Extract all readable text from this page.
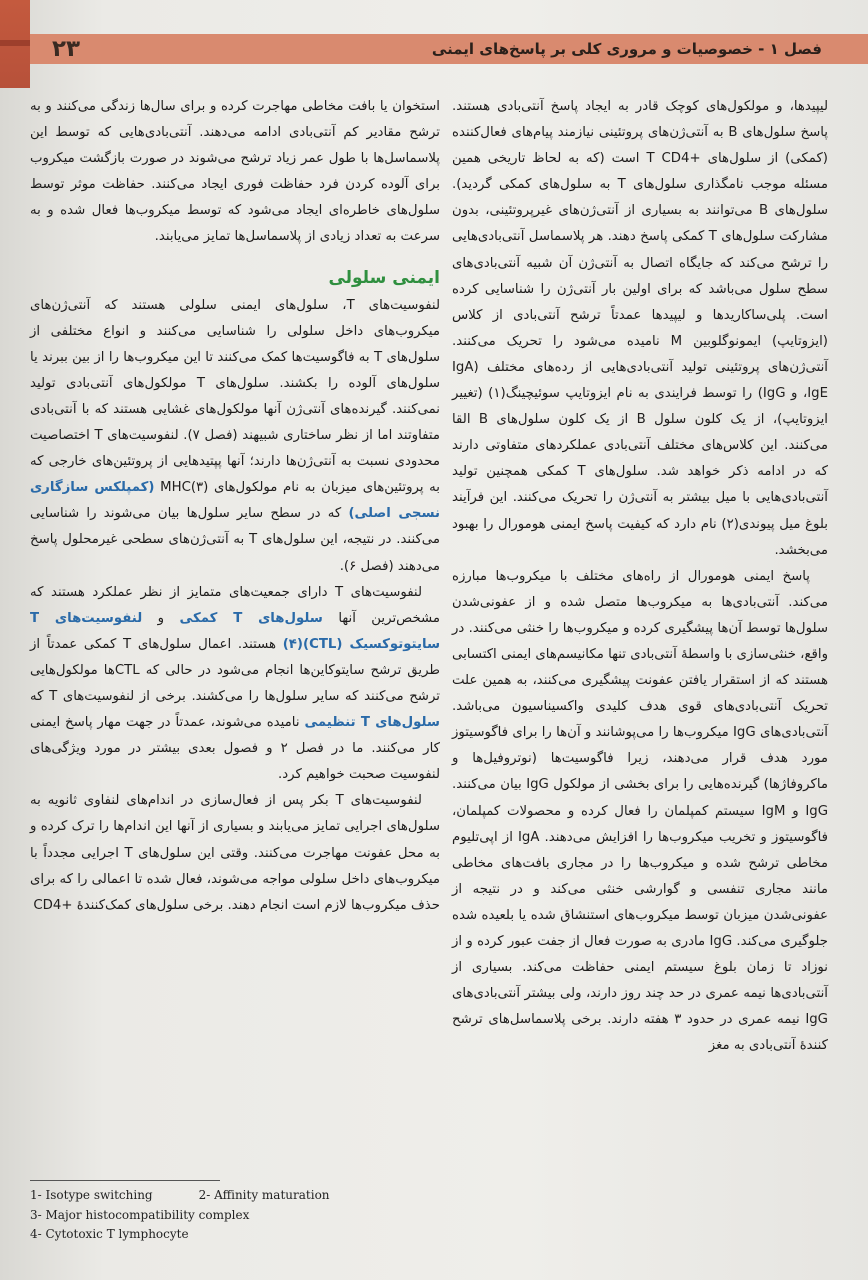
۲۳	فصل ۱ - خصوصیات و مروری کلی بر پاسخ‌های ایمنی

لیپیدها، و مولکول‌های کوچک قادر به ایجاد پاسخ آنتی‌بادی هستند. پاسخ سلول‌های B به آنتی‌ژن‌های پروتئینی نیازمند پیام‌های فعال‌کننده (کمکی) از سلول‌های +T CD4 است (که به لحاظ تاریخی همین مسئله موجب نامگذاری سلول‌های T به سلول‌های کمکی گردید). سلول‌های B می‌توانند به بسیاری از آنتی‌ژن‌های غیرپروتئینی، بدون مشارکت سلول‌های T کمکی پاسخ دهند. هر پلاسماسل آنتی‌بادی‌هایی را ترشح می‌کند که جایگاه اتصال به آنتی‌ژن آن شبیه آنتی‌بادی‌های سطح سلول می‌باشد که برای اولین بار آنتی‌ژن را شناسایی کرده است. پلی‌ساکاریدها و لیپیدها عمدتاً ترشح آنتی‌بادی از کلاس (ایزوتایپ) ایمونوگلوبین M نامیده می‌شود را تحریک می‌کنند. آنتی‌ژن‌های پروتئینی تولید آنتی‌بادی‌هایی از رده‌های مختلف (IgA ،IgE و IgG) را توسط فرایندی به نام ایزوتایپ سوئیچینگ(۱) (تغییر ایزوتایپ)، از یک کلون سلول B از یک کلون سلول‌های B القا می‌کنند. این کلاس‌های مختلف آنتی‌بادی عملکردهای متفاوتی دارند که در ادامه ذکر خواهد شد. سلول‌های T کمکی همچنین تولید آنتی‌بادی‌هایی با میل بیشتر به آنتی‌ژن را تحریک می‌کنند. این فرآیند بلوغ میل پیوندی(۲) نام دارد که کیفیت پاسخ ایمنی هومورال را بهبود می‌بخشد.

پاسخ ایمنی هومورال از راه‌های مختلف با میکروب‌ها مبارزه می‌کند. آنتی‌بادی‌ها به میکروب‌ها متصل شده و از عفونی‌شدن سلول‌ها توسط آن‌ها پیشگیری کرده و میکروب‌ها را خنثی می‌کنند. در واقع، خنثی‌سازی با واسطهٔ آنتی‌بادی تنها مکانیسم‌های ایمنی اکتسابی هستند که از استقرار یافتن عفونت پیشگیری می‌کنند، به همین علت تحریک آنتی‌بادی‌های قوی هدف کلیدی واکسیناسیون می‌باشد. آنتی‌بادی‌های IgG میکروب‌ها را می‌پوشانند و آن‌ها را برای فاگوسیتوز مورد هدف قرار می‌دهند، زیرا فاگوسیت‌ها (نوتروفیل‌ها و ماکروفاژها) گیرنده‌هایی را برای بخشی از مولکول IgG بیان می‌کنند. IgG و IgM سیستم کمپلمان را فعال کرده و محصولات کمپلمان، فاگوسیتوز و تخریب میکروب‌ها را افزایش می‌دهند. IgA از اپی‌تلیوم مخاطی ترشح شده و میکروب‌ها را در مجاری بافت‌های مخاطی مانند مجاری تنفسی و گوارشی خنثی می‌کند و در نتیجه از عفونی‌شدن میزبان توسط میکروب‌های استنشاق شده یا بلعیده شده جلوگیری می‌کند. IgG مادری به صورت فعال از جفت عبور کرده و از نوزاد تا زمان بلوغ سیستم ایمنی حفاظت می‌کند. بسیاری از آنتی‌بادی‌ها نیمه عمری در حد چند روز دارند، ولی بیشتر آنتی‌بادی‌های IgG نیمه عمری در حدود ۳ هفته دارند. برخی پلاسماسل‌های ترشح کنندهٔ آنتی‌بادی به مغز

استخوان یا بافت مخاطی مهاجرت کرده و برای سال‌ها زندگی می‌کنند و به ترشح مقادیر کم آنتی‌بادی ادامه می‌دهند. آنتی‌بادی‌هایی که توسط این پلاسماسل‌ها با طول عمر زیاد ترشح می‌شوند در صورت بازگشت میکروب برای آلوده کردن فرد حفاظت فوری ایجاد می‌کنند. حفاظت موثر توسط سلول‌های خاطره‌ای ایجاد می‌شود که توسط میکروب‌ها فعال شده و به سرعت به تعداد زیادی از پلاسماسل‌ها تمایز می‌یابند.

ایمنی سلولی

لنفوسیت‌های T، سلول‌های ایمنی سلولی هستند که آنتی‌ژن‌های میکروب‌های داخل سلولی را شناسایی می‌کنند و انواع مختلفی از سلول‌های T به فاگوسیت‌ها کمک می‌کنند تا این میکروب‌ها را از بین ببرند یا سلول‌های آلوده را بکشند. سلول‌های T مولکول‌های آنتی‌بادی تولید نمی‌کنند. گیرنده‌های آنتی‌ژن آنها مولکول‌های غشایی هستند که با آنتی‌بادی متفاوتند اما از نظر ساختاری شبیهند (فصل ۷). لنفوسیت‌های T اختصاصیت محدودی نسبت به آنتی‌ژن‌ها دارند؛ آنها پپتیدهایی از پروتئین‌های خارجی که به پروتئین‌های میزبان به نام مولکول‌های MHC(۳) (کمپلکس سازگاری نسجی اصلی) که در سطح سایر سلول‌ها بیان می‌شوند را شناسایی می‌کنند. در نتیجه، این سلول‌های T به آنتی‌ژن‌های سطحی غیرمحلول پاسخ می‌دهند (فصل ۶).

لنفوسیت‌های T دارای جمعیت‌های متمایز از نظر عملکرد هستند که مشخص‌ترین آنها سلول‌های T کمکی و لنفوسیت‌های T سایتوتوکسیک (CTL)(۴) هستند. اعمال سلول‌های T کمکی عمدتاً از طریق ترشح سایتوکاین‌ها انجام می‌شود در حالی که CTLها مولکول‌هایی ترشح می‌کنند که سایر سلول‌ها را می‌کشند. برخی از لنفوسیت‌های T که سلول‌های T تنظیمی نامیده می‌شوند، عمدتاً در جهت مهار پاسخ ایمنی کار می‌کنند. ما در فصل ۲ و فصول بعدی بیشتر در مورد ویژگی‌های لنفوسیت صحبت خواهیم کرد.

لنفوسیت‌های T بکر پس از فعال‌سازی در اندام‌های لنفاوی ثانویه به سلول‌های اجرایی تمایز می‌یابند و بسیاری از آنها این اندام‌ها را ترک کرده و به محل عفونت مهاجرت می‌کنند. وقتی این سلول‌های T اجرایی مجدداً با میکروب‌های داخل سلولی مواجه می‌شوند، فعال شده تا اعمالی را که برای حذف میکروب‌ها لازم است انجام دهند. برخی سلول‌های کمک‌کنندهٔ +CD4

1- Isotype switching	2- Affinity maturation
3- Major histocompatibility complex
4- Cytotoxic T lymphocyte
